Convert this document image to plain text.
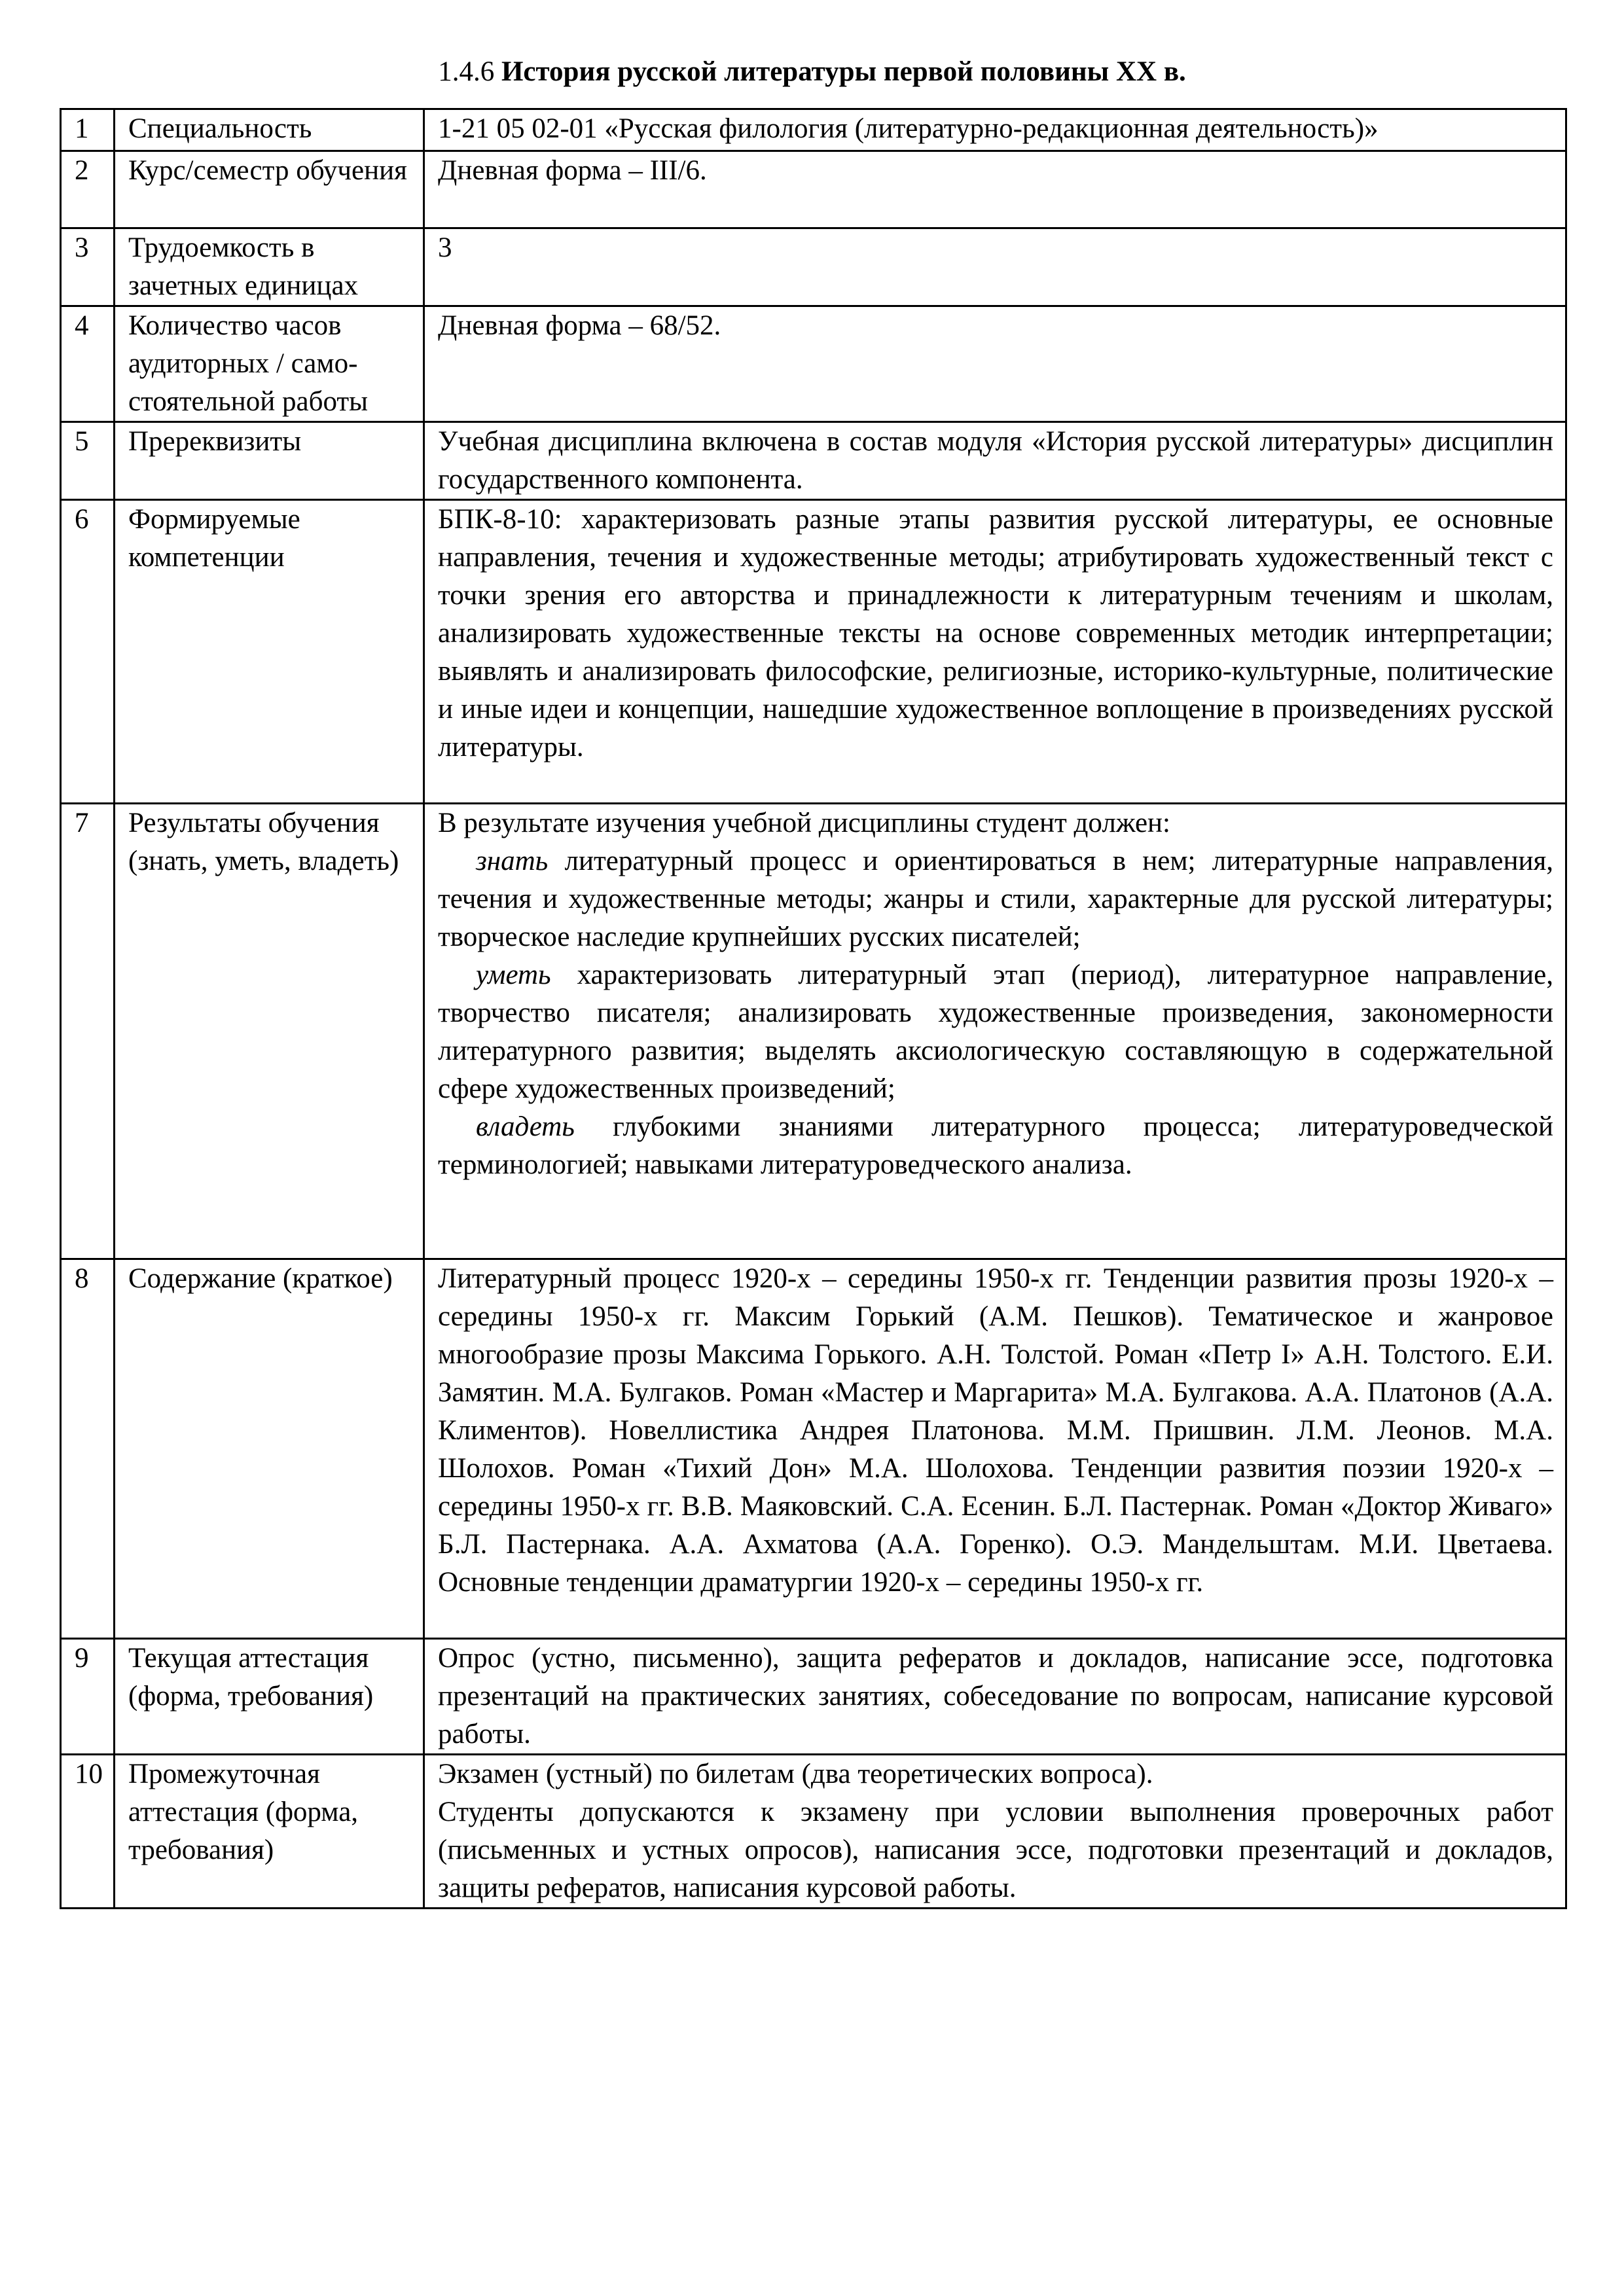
1.4.6 История русской литературы первой половины XX в.
1	Специальность	1-21 05 02-01 «Русская филология (литературно-редакционная деятельность)»
2	Курс/семестр обучения	Дневная форма – III/6.
3	Трудоемкость в зачетных единицах	3
4	Количество часов аудиторных / само-стоятельной работы	Дневная форма – 68/52.
5	Пререквизиты	Учебная дисциплина включена в состав модуля «История русской литературы» дисциплин государственного компонента.
6	Формируемые компетенции	БПК-8-10: характеризовать разные этапы развития русской литературы, ее основные направления, течения и художественные методы; атрибутировать художественный текст с точки зрения его авторства и принадлежности к литературным течениям и школам, анализировать художественные тексты на основе современных методик интерпретации; выявлять и анализировать философские, религиозные, историко-культурные, политические и иные идеи и концепции, нашедшие художественное воплощение в произведениях русской литературы.
7	Результаты обучения (знать, уметь, владеть)	В результате изучения учебной дисциплины студент должен:

знать литературный процесс и ориентироваться в нем; литературные направления, течения и художественные методы; жанры и стили, характерные для русской литературы; творческое наследие крупнейших русских писателей;

уметь характеризовать литературный этап (период), литературное направление, творчество писателя; анализировать художественные произведения, закономерности литературного развития; выделять аксиологическую составляющую в содержательной сфере художественных произведений;

владеть глубокими знаниями литературного процесса; литературоведческой терминологией; навыками литературоведческого анализа.

8	Содержание (краткое)	Литературный процесс 1920-х – середины 1950-х гг. Тенденции развития прозы 1920-х – середины 1950-х гг. Максим Горький (А.М. Пешков). Тематическое и жанровое многообразие прозы Максима Горького. А.Н. Толстой. Роман «Петр I» А.Н. Толстого. Е.И. Замятин. М.А. Булгаков. Роман «Мастер и Маргарита» М.А. Булгакова. А.А. Платонов (А.А. Климентов). Новеллистика Андрея Платонова. М.М. Пришвин. Л.М. Леонов. М.А. Шолохов. Роман «Тихий Дон» М.А. Шолохова. Тенденции развития поэзии 1920-х – середины 1950-х гг. В.В. Маяковский. С.А. Есенин. Б.Л. Пастернак. Роман «Доктор Живаго» Б.Л. Пастернака. А.А. Ахматова (А.А. Горенко). О.Э. Мандельштам. М.И. Цветаева. Основные тенденции драматургии 1920-х – середины 1950-х гг.
9	Текущая аттестация (форма, требования)	Опрос (устно, письменно), защита рефератов и докладов, написание эссе, подготовка презентаций на практических занятиях, собеседование по вопросам, написание курсовой работы.
10	Промежуточная аттестация (форма, требования)	Экзамен (устный) по билетам (два теоретических вопроса).

Студенты допускаются к экзамену при условии выполнения проверочных работ (письменных и устных опросов), написания эссе, подготовки презентаций и докладов, защиты рефератов, написания курсовой работы.
